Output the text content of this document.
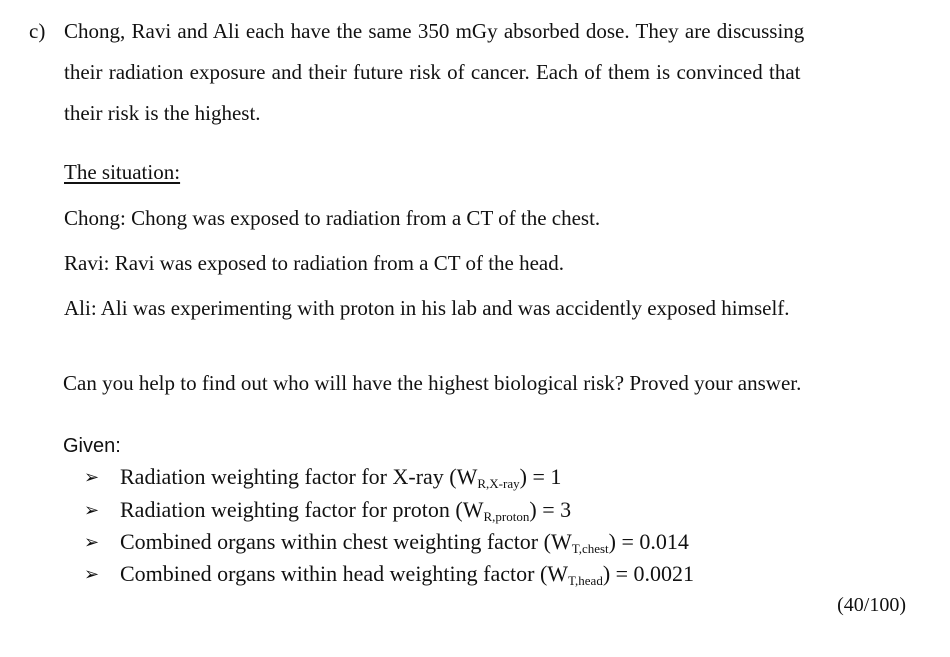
c) Chong, Ravi and Ali each have the same 350 mGy absorbed dose. They are discussing
their radiation exposure and their future risk of cancer. Each of them is convinced that
their risk is the highest.
The situation:
Chong: Chong was exposed to radiation from a CT of the chest.
Ravi: Ravi was exposed to radiation from a CT of the head.
Ali: Ali was experimenting with proton in his lab and was accidently exposed himself.
Can you help to find out who will have the highest biological risk? Proved your answer.
Given:
➢ Radiation weighting factor for X-ray $(W_{R,X-ray}) = 1$
➢ Radiation weighting factor for proton $(W_{R,proton}) = 3$
➢ Combined organs within chest weighting factor $(W_{T,chest}) = 0.014$
➢ Combined organs within head weighting factor $(W_{T,head}) = 0.0021$
(40/100)
